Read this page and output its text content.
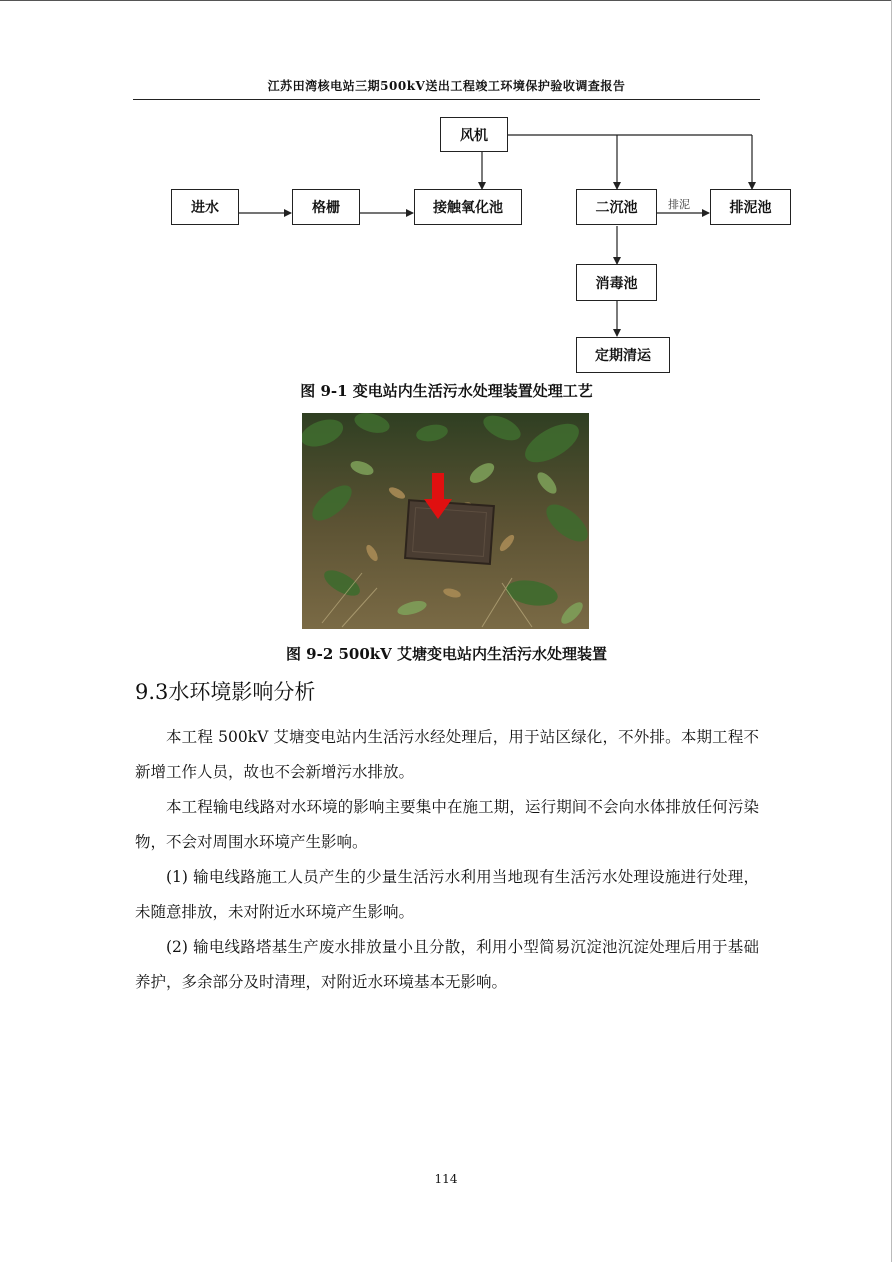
江苏田湾核电站三期500kV送出工程竣工环境保护验收调查报告
风机
进水	格栅	接触氧化池	二沉池	排泥池
消毒池
定期清运
排泥
图 9-1 变电站内生活污水处理装置处理工艺
图 9-2 500kV 艾塘变电站内生活污水处理装置
9.3水环境影响分析

本工程 500kV 艾塘变电站内生活污水经处理后，用于站区绿化，不外排。本期工程不新增工作人员，故也不会新增污水排放。

本工程输电线路对水环境的影响主要集中在施工期，运行期间不会向水体排放任何污染物，不会对周围水环境产生影响。

(1) 输电线路施工人员产生的少量生活污水利用当地现有生活污水处理设施进行处理，未随意排放，未对附近水环境产生影响。

(2) 输电线路塔基生产废水排放量小且分散，利用小型简易沉淀池沉淀处理后用于基础养护，多余部分及时清理，对附近水环境基本无影响。

114
